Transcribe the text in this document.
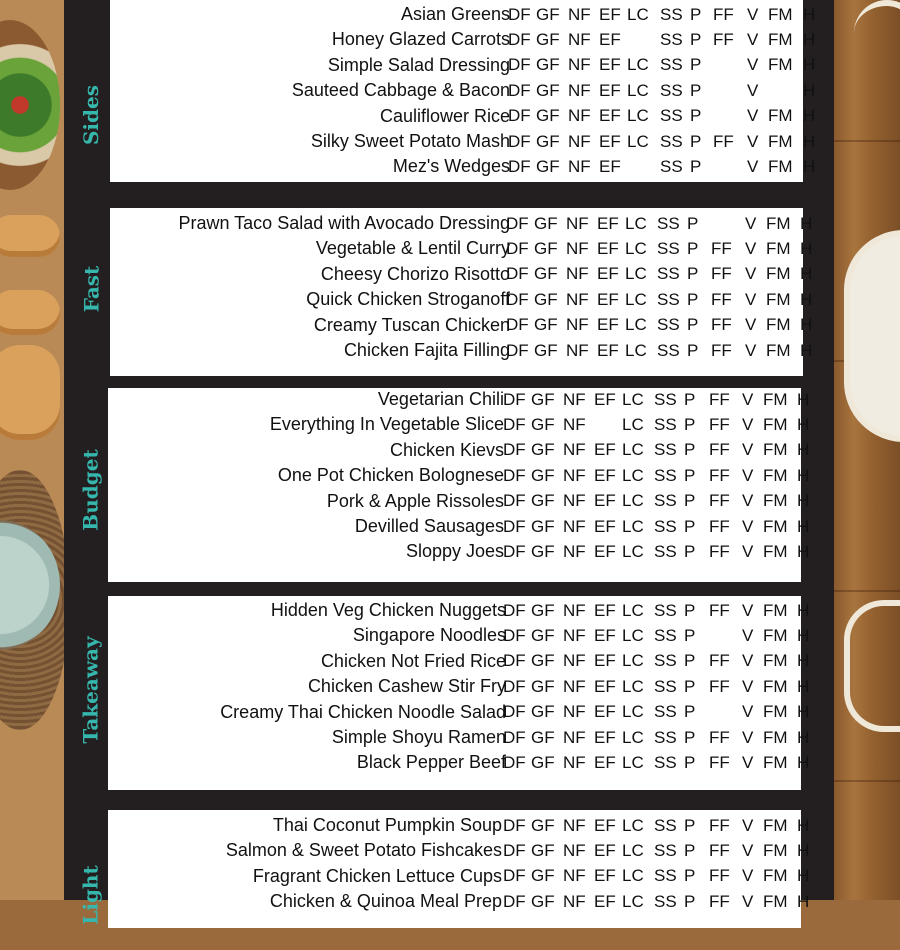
Sides
Asian Greens
DF GF NF EF LC SS P FF V FM H
Honey Glazed Carrots
DF GF NF EF SS P FF V FM H
Simple Salad Dressing
DF GF NF EF LC SS P	V FM H
Sauteed Cabbage & Bacon
DF GF NF EF LC SS P	V	H
Cauliflower Rice
DF GF NF EF LC SS P	V FM H
Silky Sweet Potato Mash
DF GF NF EF LC SS P FF V FM H
Mez's Wedges
DF GF NF EF SS P	V FM H
Fast
Prawn Taco Salad with Avocado Dressing
DF GF NF EF LC SS P	V FM H
Vegetable & Lentil Curry
DF GF NF EF LC SS P FF V FM H
Cheesy Chorizo Risotto
DF GF NF EF LC SS P FF V FM H
Quick Chicken Stroganoff
DF GF NF EF LC SS P FF V FM H
Creamy Tuscan Chicken
DF GF NF EF LC SS P FF V FM H
Chicken Fajita Filling
DF GF NF EF LC SS P FF V FM H
Budget
Vegetarian Chili DF GF NF EF LC SS P FF V FM H
Everything In Vegetable Slice DF GF NF LC SS P FF V FM H
Chicken Kievs DF GF NF EF LC SS P FF V FM H
One Pot Chicken Bolognese DF GF NF EF LC SS P FF V FM H
Pork & Apple Rissoles DF GF NF EF LC SS P FF V FM H
Devilled Sausages DF GF NF EF LC SS P FF V FM H
Sloppy Joes DF GF NF EF LC SS P FF V FM H
Takeaway
Hidden Veg Chicken Nuggets
DF GF NF EF LC SS P FF V FM H
Singapore Noodles
DF GF NF EF LC SS P	V FM H
Chicken Not Fried Rice
DF GF NF EF LC SS P FF V FM H
Chicken Cashew Stir Fry
DF GF NF EF LC SS P FF V FM H
Creamy Thai Chicken Noodle Salad
DF GF NF EF LC SS P	V FM H
Simple Shoyu Ramen
DF GF NF EF LC SS P FF V FM H
Black Pepper Beef
DF GF NF EF LC SS P FF V FM H
Light
Thai Coconut Pumpkin Soup DF GF NF EF LC SS P FF V FM H
Salmon & Sweet Potato Fishcakes DF GF NF EF LC SS P FF V FM H
Fragrant Chicken Lettuce Cups DF GF NF EF LC SS P FF V FM H
Chicken & Quinoa Meal Prep DF GF NF EF LC SS P FF V FM H
